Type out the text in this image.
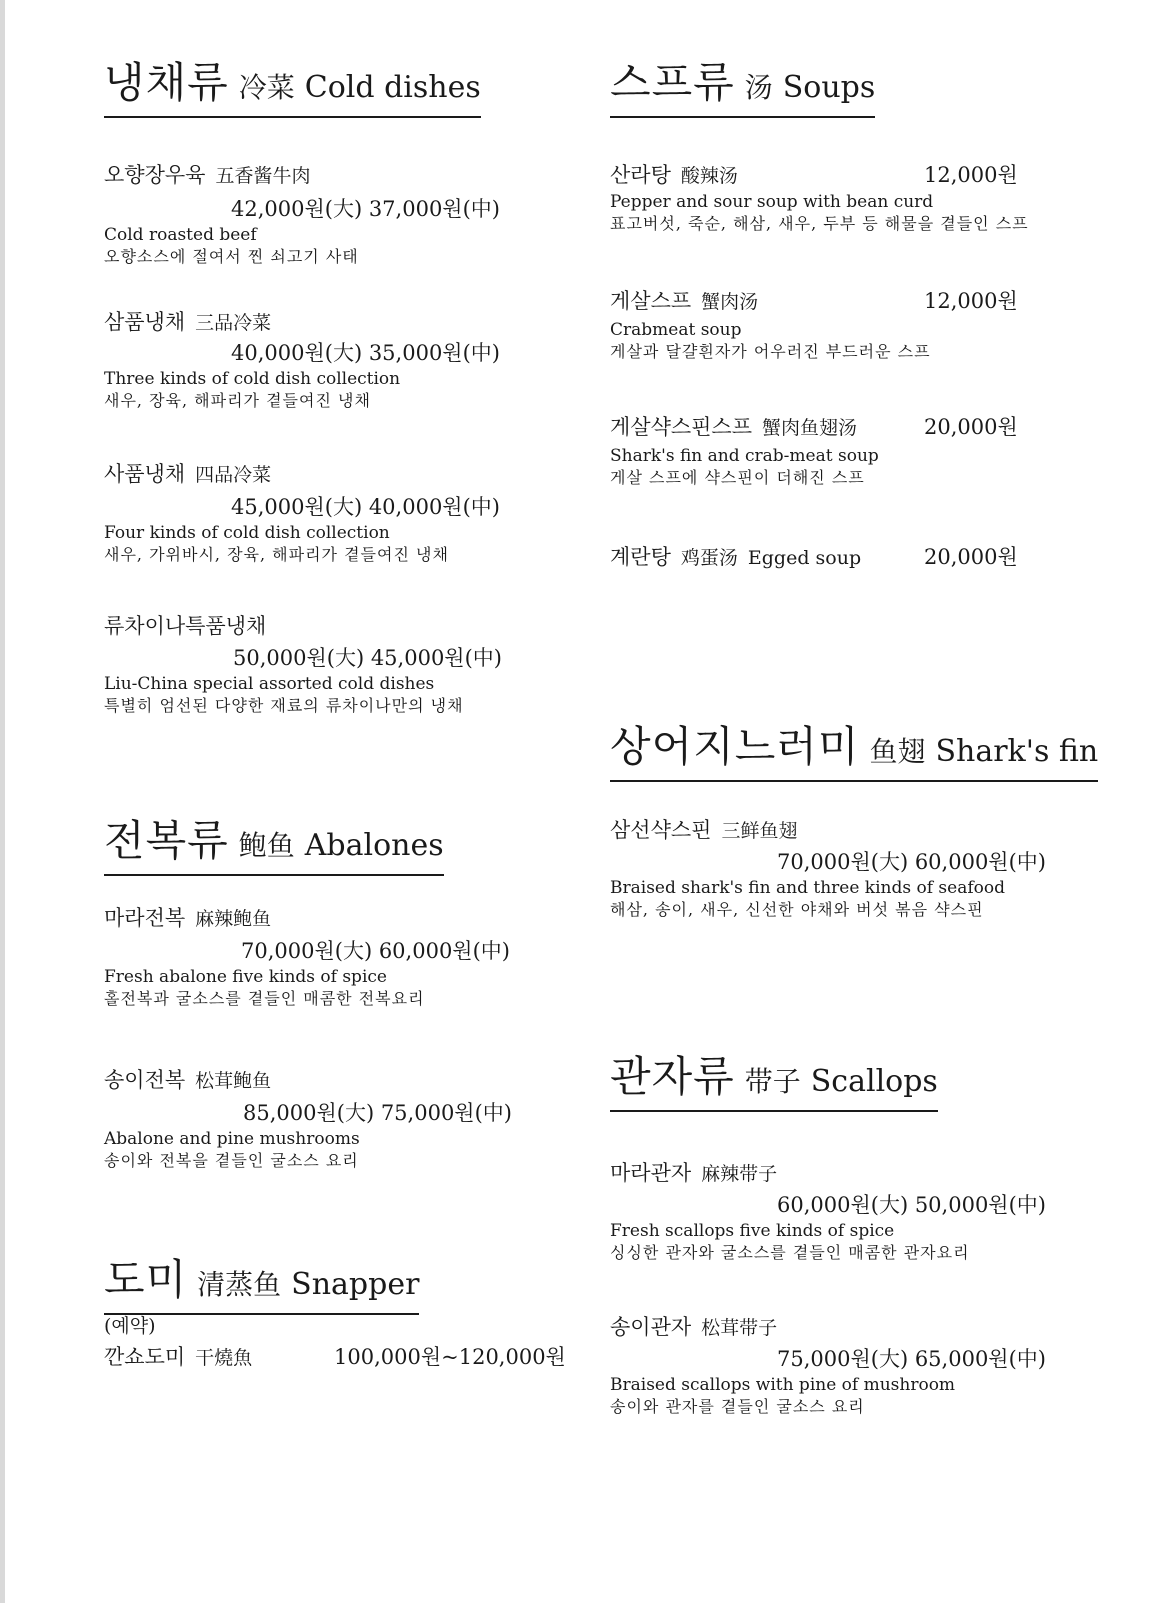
냉채류 冷菜 Cold dishes
오향장우육 五香酱牛肉
42,000원(大) 37,000원(中)
Cold roasted beef
오향소스에 절여서 찐 쇠고기 사태
삼품냉채 三品冷菜
40,000원(大) 35,000원(中)
Three kinds of cold dish collection
새우, 장육, 해파리가 곁들여진 냉채
사품냉채 四品冷菜
45,000원(大) 40,000원(中)
Four kinds of cold dish collection
새우, 가위바시, 장육, 해파리가 곁들여진 냉채
류차이나특품냉채
50,000원(大) 45,000원(中)
Liu-China special assorted cold dishes
특별히 엄선된 다양한 재료의 류차이나만의 냉채
전복류 鲍鱼 Abalones
마라전복 麻辣鲍鱼
70,000원(大) 60,000원(中)
Fresh abalone five kinds of spice
홀전복과 굴소스를 곁들인 매콤한 전복요리
송이전복 松茸鲍鱼
85,000원(大) 75,000원(中)
Abalone and pine mushrooms
송이와 전복을 곁들인 굴소스 요리
도미 清蒸鱼 Snapper
(예약)
깐쇼도미 干燒魚	100,000원~120,000원
스프류 汤 Soups
산라탕 酸辣汤	12,000원
Pepper and sour soup with bean curd
표고버섯, 죽순, 해삼, 새우, 두부 등 해물을 곁들인 스프
게살스프 蟹肉汤	12,000원
Crabmeat soup
게살과 달걀흰자가 어우러진 부드러운 스프
게살샥스핀스프 蟹肉鱼翅汤	20,000원
Shark's fin and crab-meat soup
게살 스프에 샥스핀이 더해진 스프
계란탕 鸡蛋汤 Egged soup	20,000원
상어지느러미 鱼翅 Shark's fin
삼선샥스핀 三鲜鱼翅
70,000원(大) 60,000원(中)
Braised shark's fin and three kinds of seafood
해삼, 송이, 새우, 신선한 야채와 버섯 볶음 샥스핀
관자류 带子 Scallops
마라관자 麻辣带子
60,000원(大) 50,000원(中)
Fresh scallops five kinds of spice
싱싱한 관자와 굴소스를 곁들인 매콤한 관자요리
송이관자 松茸带子
75,000원(大) 65,000원(中)
Braised scallops with pine of mushroom
송이와 관자를 곁들인 굴소스 요리
